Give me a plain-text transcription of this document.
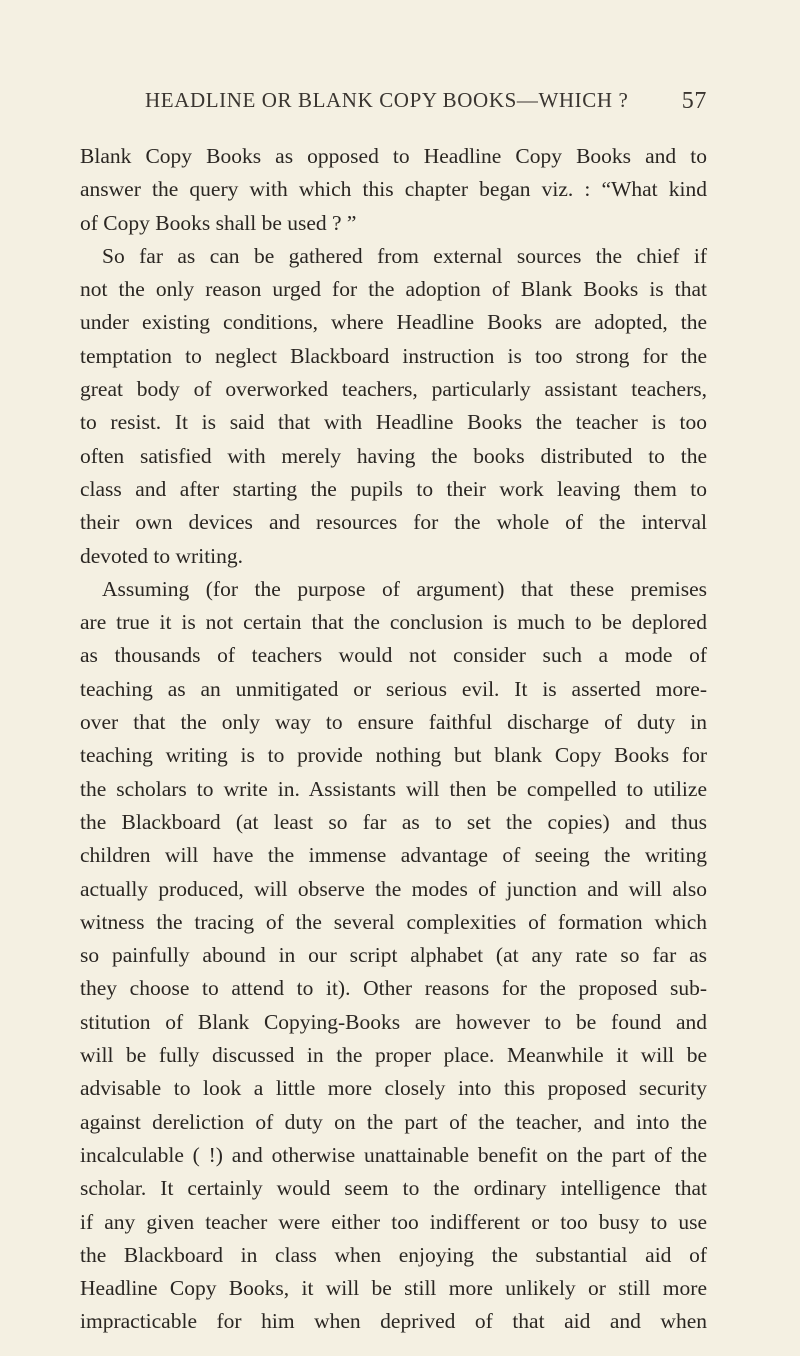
HEADLINE OR BLANK COPY BOOKS—WHICH ? 57
Blank Copy Books as opposed to Headline Copy Books and to
answer the query with which this chapter began viz. : “What kind
of Copy Books shall be used ? ”
So far as can be gathered from external sources the chief if
not the only reason urged for the adoption of Blank Books is that
under existing conditions, where Headline Books are adopted, the
temptation to neglect Blackboard instruction is too strong for the
great body of overworked teachers, particularly assistant teachers,
to resist. It is said that with Headline Books the teacher is too
often satisfied with merely having the books distributed to the
class and after starting the pupils to their work leaving them to
their own devices and resources for the whole of the interval
devoted to writing.
Assuming (for the purpose of argument) that these premises
are true it is not certain that the conclusion is much to be deplored
as thousands of teachers would not consider such a mode of
teaching as an unmitigated or serious evil. It is asserted more-
over that the only way to ensure faithful discharge of duty in
teaching writing is to provide nothing but blank Copy Books for
the scholars to write in. Assistants will then be compelled to utilize
the Blackboard (at least so far as to set the copies) and thus
children will have the immense advantage of seeing the writing
actually produced, will observe the modes of junction and will also
witness the tracing of the several complexities of formation which
so painfully abound in our script alphabet (at any rate so far as
they choose to attend to it). Other reasons for the proposed sub-
stitution of Blank Copying-Books are however to be found and
will be fully discussed in the proper place. Meanwhile it will be
advisable to look a little more closely into this proposed security
against dereliction of duty on the part of the teacher, and into the
incalculable ( !) and otherwise unattainable benefit on the part of the
scholar. It certainly would seem to the ordinary intelligence that
if any given teacher were either too indifferent or too busy to use
the Blackboard in class when enjoying the substantial aid of
Headline Copy Books, it will be still more unlikely or still more
impracticable for him when deprived of that aid and when
